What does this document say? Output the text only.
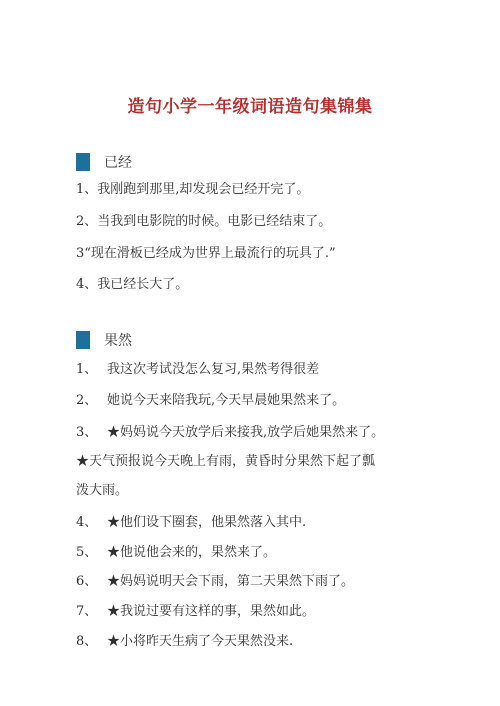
造句小学一年级词语造句集锦集
已经
1、我刚跑到那里,却发现会已经开完了。
2、当我到电影院的时候。电影已经结束了。
3“现在滑板已经成为世界上最流行的玩具了.”
4、我已经长大了。
果然
1、 我这次考试没怎么复习,果然考得很差
2、 她说今天来陪我玩,今天早晨她果然来了。
3、 ★妈妈说今天放学后来接我,放学后她果然来了。
★天气预报说今天晚上有雨，黄昏时分果然下起了瓢
泼大雨。
4、 ★他们设下圈套，他果然落入其中.
5、 ★他说他会来的，果然来了。
6、 ★妈妈说明天会下雨，第二天果然下雨了。
7、 ★我说过要有这样的事，果然如此。
8、 ★小将昨天生病了今天果然没来.
